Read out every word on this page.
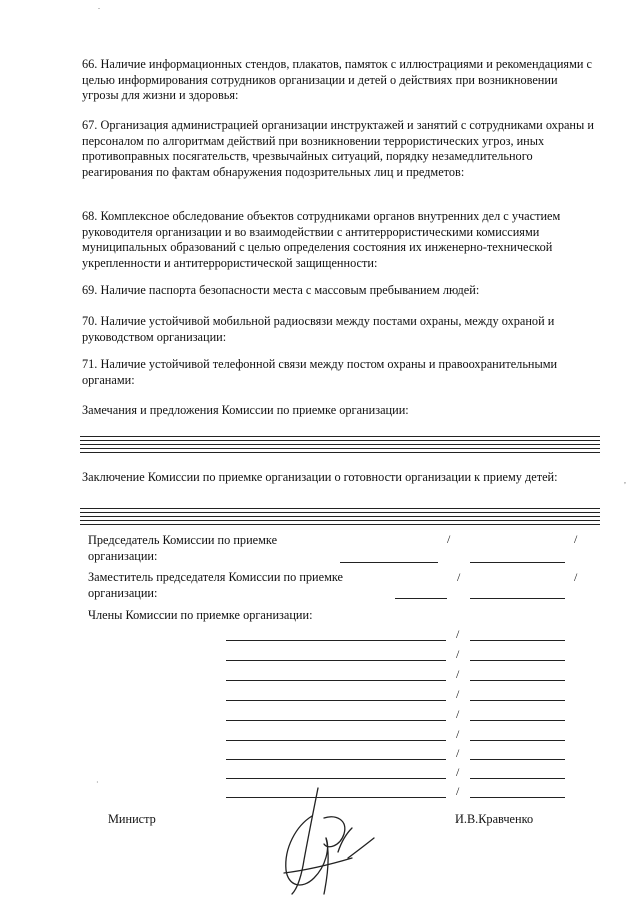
.

66. Наличие информационных стендов, плакатов, памяток с иллюстрациями и рекомендациями с целью информирования сотрудников организации и детей о действиях при возникновении угрозы для жизни и здоровья:

67. Организация администрацией организации инструктажей и занятий с сотрудниками охраны и персоналом по алгоритмам действий при возникновении террористических угроз, иных противоправных посягательств, чрезвычайных ситуаций, порядку незамедлительного реагирования по фактам обнаружения подозрительных лиц и предметов:

68. Комплексное обследование объектов сотрудниками органов внутренних дел с участием руководителя организации и во взаимодействии с антитеррористическими комиссиями муниципальных образований с целью определения состояния их инженерно-технической укрепленности и антитеррористической защищенности:

69. Наличие паспорта безопасности места с массовым пребыванием людей:

70. Наличие устойчивой мобильной радиосвязи между постами охраны, между охраной и руководством организации:

71. Наличие устойчивой телефонной связи между постом охраны и правоохранительными органами:

Замечания и предложения Комиссии по приемке организации:
Заключение Комиссии по приемке организации о готовности организации к приему детей:	,
Председатель Комиссии по приемке организации:
/	/
Заместитель председателя Комиссии по приемке организации:
/	/
Члены Комиссии по приемке организации:
/
/
/
/
/
/
/
/
/
·
Министр	И.В.Кравченко
